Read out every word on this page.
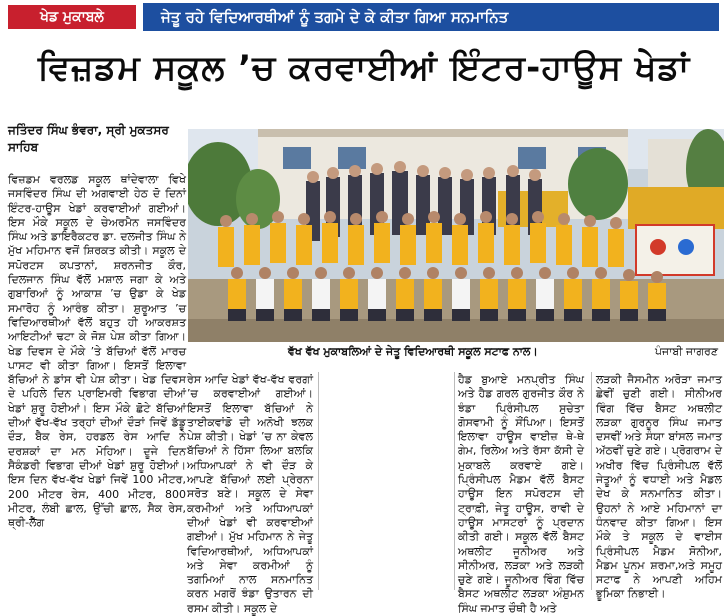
ਖੇਡ ਮੁਕਾਬਲੇ	ਜੇਤੂ ਰਹੇ ਵਿਦਿਆਰਥੀਆਂ ਨੂੰ ਤਗਮੇ ਦੇ ਕੇ ਕੀਤਾ ਗਿਆ ਸਨਮਾਨਿਤ
ਵਿਜ਼ਡਮ ਸਕੂਲ ’ਚ ਕਰਵਾਈਆਂ ਇੰਟਰ-ਹਾਊਸ ਖੇਡਾਂ
ਜਤਿੰਦਰ ਸਿੰਘ ਭੰਵਰਾ, ਸ੍ਰੀ ਮੁਕਤਸਰ ਸਾਹਿਬ
ਵਿਜ਼ਡਮ ਵਰਲਡ ਸਕੂਲ ਥਾਂਦੇਵਾਲਾ ਵਿਖੇ ਜਸਵਿੰਦਰ ਸਿੰਘ ਦੀ ਅਗਵਾਈ ਹੇਠ ਦੋ ਦਿਨਾਂ ਇੰਟਰ-ਹਾਊਸ ਖੇਡਾਂ ਕਰਵਾਈਆਂ ਗਈਆਂ। ਇਸ ਮੌਕੇ ਸਕੂਲ ਦੇ ਚੇਅਰਮੈਨ ਜਸਵਿੰਦਰ ਸਿੰਘ ਅਤੇ ਡਾਇਰੈਕਟਰ ਡਾ. ਦਲਜੀਤ ਸਿੰਘ ਨੇ ਮੁੱਖ ਮਹਿਮਾਨ ਵਜੋਂ ਸ਼ਿਰਕਤ ਕੀਤੀ। ਸਕੂਲ ਦੇ ਸਪੋਰਟਸ ਕਪਤਾਨਾਂ, ਸ਼ਰਨਜੀਤ ਕੌਰ, ਦਿਲਜਾਨ ਸਿੰਘ ਵੱਲੋਂ ਮਸ਼ਾਲ ਜਗਾ ਕੇ ਅਤੇ ਗੁਬਾਰਿਆਂ ਨੂੰ ਆਕਾਸ਼ ’ਚ ਉਡਾ ਕੇ ਖੇਡ ਸਮਾਰੋਹ ਨੂੰ ਆਰੰਭ ਕੀਤਾ। ਸ਼ੁਰੂਆਤ ’ਚ ਵਿਦਿਆਰਥੀਆਂ ਵੱਲੋਂ ਬਹੁਤ ਹੀ ਆਕਰਸ਼ਤ ਆਇਟੀਆਂ ਢਟਾ ਕੇ ਜੋਸ਼ ਪੇਸ਼ ਕੀਤਾ ਗਿਆ। ਖੇਡ ਦਿਵਸ ਦੇ ਮੌਕੇ ’ਤੇ ਬੱਚਿਆਂ ਵੱਲੋਂ ਮਾਰਚ ਪਾਸਟ ਵੀ ਕੀਤਾ ਗਿਆ। ਇਸਤੋਂ ਇਲਾਵਾ ਬੱਚਿਆਂ ਨੇ ਡਾਂਸ ਵੀ ਪੇਸ਼ ਕੀਤਾ। ਖੇਡ ਦਿਵਸ ਦੇ ਪਹਿਲੇ ਦਿਨ ਪ੍ਰਾਇਮਰੀ ਵਿਭਾਗ ਦੀਆਂ ਖੇਡਾਂ ਸ਼ੁਰੂ ਹੋਈਆਂ। ਇਸ ਮੌਕੇ ਛੋਟੇ ਬੱਚਿਆਂ ਦੀਆਂ ਵੱਖ-ਵੱਖ ਤਰ੍ਹਾਂ ਦੀਆਂ ਦੌੜਾਂ ਜਿਵੇਂ ਡੱਡੂ ਦੌੜ, ਬੈਕ ਰੇਸ, ਹਰਡਲ ਰੇਸ ਆਦਿ ਨੇ ਦਰਸ਼ਕਾਂ ਦਾ ਮਨ ਮੋਹਿਆ। ਦੂਜੇ ਦਿਨ ਸੈਕੰਡਰੀ ਵਿਭਾਗ ਦੀਆਂ ਖੇਡਾਂ ਸ਼ੁਰੂ ਹੋਈਆਂ। ਇਸ ਦਿਨ ਵੱਖ-ਵੱਖ ਖੇਡਾਂ ਜਿਵੇਂ 100 ਮੀਟਰ, 200 ਮੀਟਰ ਰੇਸ, 400 ਮੀਟਰ, 800 ਮੀਟਰ, ਲੰਬੀ ਛਾਲ, ਉੱਚੀ ਛਾਲ, ਸੈਕ ਰੇਸ, ਥ੍ਰੀ-ਲੈੱਗ
ਵੱਖ ਵੱਖ ਮੁਕਾਬਲਿਆਂ ਦੇ ਜੇਤੂ ਵਿਦਿਆਰਥੀ ਸਕੂਲ ਸਟਾਫ ਨਾਲ।	ਪੰਜਾਬੀ ਜਾਗਰਣ
ਰੇਸ ਆਦਿ ਖੇਡਾਂ ਵੱਖ-ਵੱਖ ਵਰਗਾਂ ’ਚ ਕਰਵਾਈਆਂ ਗਈਆਂ। ਇਸਤੋਂ ਇਲਾਵਾ ਬੱਚਿਆਂ ਨੇ ਤਾਈਕਵਾਂਡੋ ਦੀ ਅਨੋਖੀ ਝਲਕ ਪੇਸ਼ ਕੀਤੀ। ਖੇਡਾਂ ’ਚ ਨਾ ਕੇਵਲ ਬੱਚਿਆਂ ਨੇ ਹਿੱਸਾ ਲਿਆ ਬਲਕਿ ਅਧਿਆਪਕਾਂ ਨੇ ਵੀ ਦੌੜ ਕੇ ਆਪਣੇ ਬੱਚਿਆਂ ਲਈ ਪ੍ਰੇਰਨਾ ਸਰੋਤ ਬਣੇ। ਸਕੂਲ ਦੇ ਸੇਵਾ ਕਰਮੀਆਂ ਅਤੇ ਅਧਿਆਪਕਾਂ ਦੀਆਂ ਖੇਡਾਂ ਵੀ ਕਰਵਾਈਆਂ ਗਈਆਂ। ਮੁੱਖ ਮਹਿਮਾਨ ਨੇ ਜੇਤੂ ਵਿਦਿਆਰਥੀਆਂ, ਅਧਿਆਪਕਾਂ ਅਤੇ ਸੇਵਾ ਕਰਮੀਆਂ ਨੂੰ ਤਗਮਿਆਂ ਨਾਲ ਸਨਮਾਨਿਤ ਕਰਨ ਮਗਰੋਂ ਝੰਡਾ ਉਤਾਰਨ ਦੀ ਰਸਮ ਕੀਤੀ। ਸਕੂਲ ਦੇ
ਹੈਡ ਬੁਆਏ ਮਨਪ੍ਰੀਤ ਸਿੰਘ ਅਤੇ ਹੈਡ ਗਰਲ ਗੁਰਜੀਤ ਕੌਰ ਨੇ ਝੰਡਾ ਪ੍ਰਿੰਸੀਪਲ ਸੁਚੇਤਾ ਗੋਸਵਾਮੀ ਨੂੰ ਸੌਂਪਿਆ। ਇਸਤੋਂ ਇਲਾਵਾ ਹਾਊਸ ਵਾਈਜ਼ ਥੇ-ਥੇ ਗੇਮ, ਰਿਲੇਅ ਅਤੇ ਰੱਸਾ ਕੱਸੀ ਦੇ ਮੁਕਾਬਲੇ ਕਰਵਾਏ ਗਏ। ਪ੍ਰਿੰਸੀਪਲ ਮੈਡਮ ਵੱਲੋਂ ਬੈਸਟ ਹਾਊਸ ਇਨ ਸਪੋਰਟਸ ਦੀ ਟ੍ਰਾਫ਼ੀ, ਜੇਤੂ ਹਾਊਸ, ਰਾਵੀ ਦੇ ਹਾਊਸ ਮਾਸਟਰਾਂ ਨੂੰ ਪ੍ਰਦਾਨ ਕੀਤੀ ਗਈ। ਸਕੂਲ ਵੱਲੋਂ ਬੈਸਟ ਅਥਲੀਟ ਜੂਨੀਅਰ ਅਤੇ ਸੀਨੀਅਰ, ਲੜਕਾ ਅਤੇ ਲੜਕੀ ਚੁਣੇ ਗਏ। ਜੂਨੀਅਰ ਵਿੰਗ ਵਿੱਚ ਬੈਸਟ ਅਥਲੀਟ ਲੜਕਾ ਅੰਸ਼ੁਮਨ ਸਿੰਘ ਜਮਾਤ ਚੌਥੀ ਹੈ ਅਤੇ
ਲੜਕੀ ਜੈਸਮੀਨ ਅਰੋੜਾ ਜਮਾਤ ਛੇਵੀਂ ਚੁਣੀ ਗਈ। ਸੀਨੀਅਰ ਵਿੰਗ ਵਿੱਚ ਬੈਸਟ ਅਥਲੀਟ ਲੜਕਾ ਗੁਰਨੂਰ ਸਿੰਘ ਜਮਾਤ ਦਸਵੀਂ ਅਤੇ ਸੰਯਾ ਬਾਂਸਲ ਜਮਾਤ ਅੱਠਵੀਂ ਚੁਣੇ ਗਏ। ਪ੍ਰੋਗਰਾਮ ਦੇ ਅਖੀਰ ਵਿੱਚ ਪ੍ਰਿੰਸੀਪਲ ਵੱਲੋਂ ਜੇਤੂਆਂ ਨੂੰ ਵਧਾਈ ਅਤੇ ਮੈਡਲ ਦੇਖ ਕੇ ਸਨਮਾਨਿਤ ਕੀਤਾ। ਉਹਨਾਂ ਨੇ ਆਏ ਮਹਿਮਾਨਾਂ ਦਾ ਧੰਨਵਾਦ ਕੀਤਾ ਗਿਆ। ਇਸ ਮੌਕੇ ਤੇ ਸਕੂਲ ਦੇ ਵਾਈਸ ਪ੍ਰਿੰਸੀਪਲ ਮੈਡਮ ਸੋਨੀਆ, ਮੈਡਮ ਪੂਨਮ ਸ਼ਰਮਾ,ਅਤੇ ਸਮੂਹ ਸਟਾਫ ਨੇ ਆਪਣੀ ਅਹਿਮ ਭੂਮਿਕਾ ਨਿਭਾਈ।
